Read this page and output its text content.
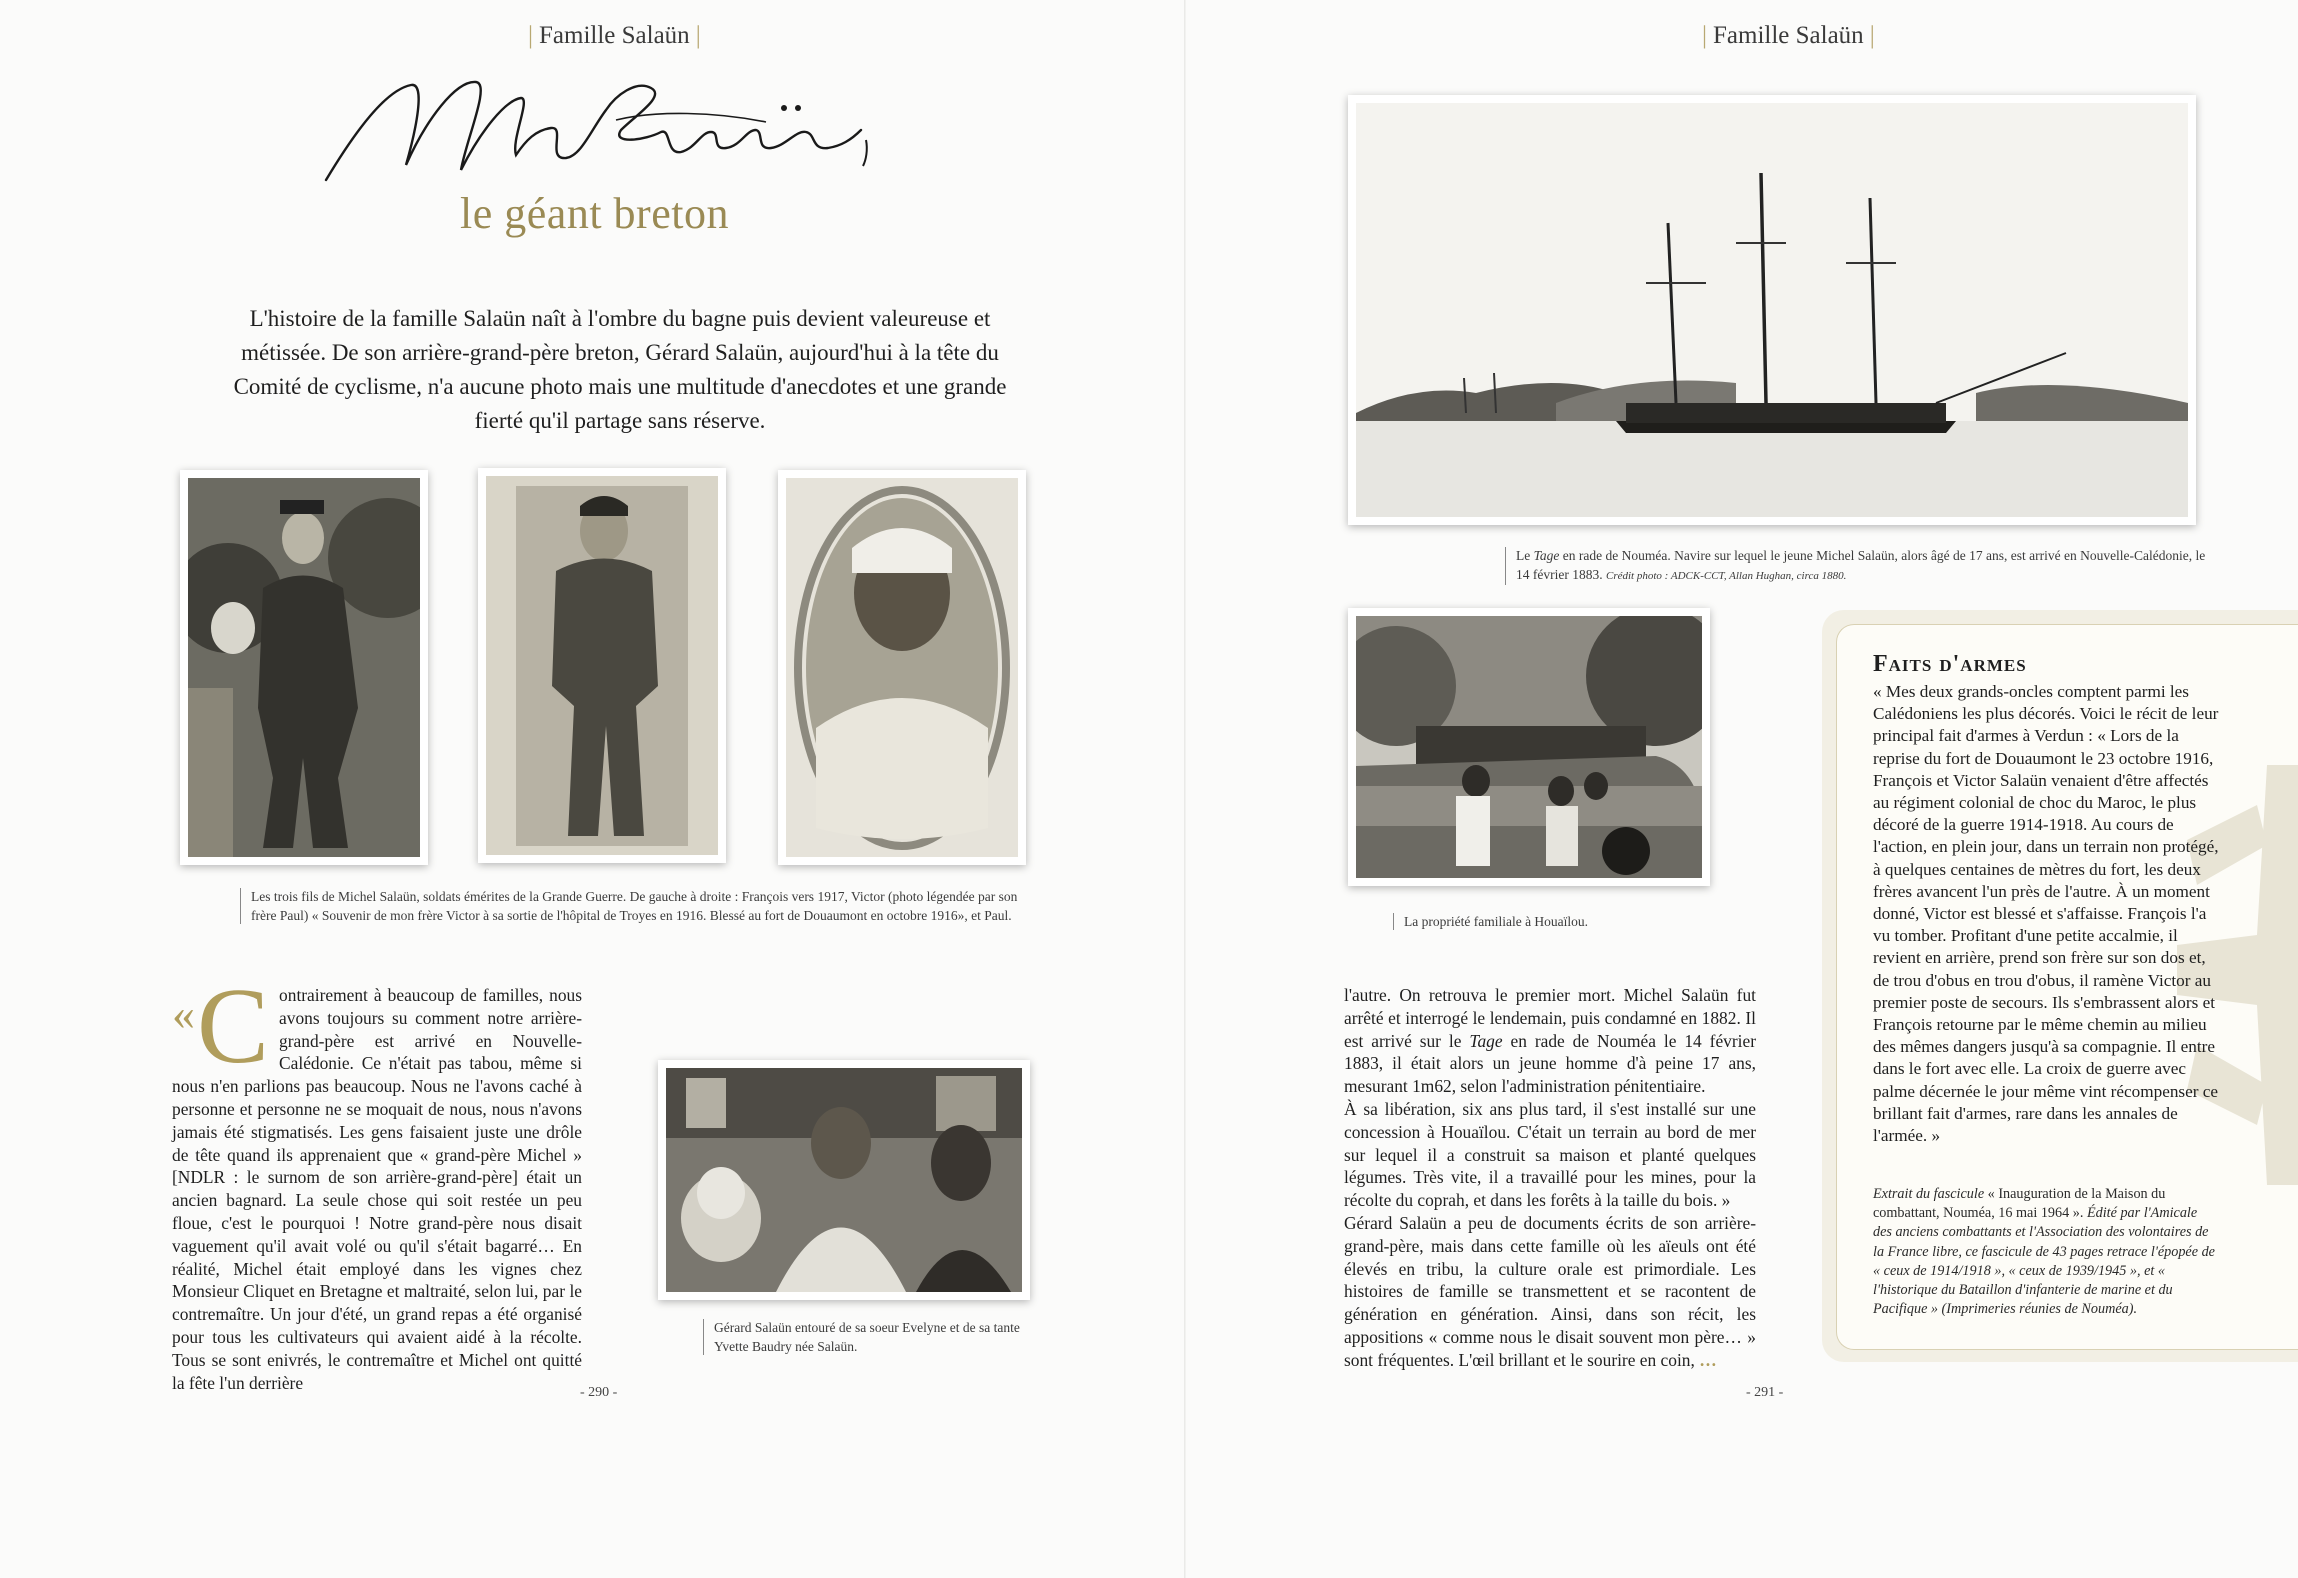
| Famille Salaün |
le géant breton
L'histoire de la famille Salaün naît à l'ombre du bagne puis devient valeureuse et métissée. De son arrière-grand-père breton, Gérard Salaün, aujourd'hui à la tête du Comité de cyclisme, n'a aucune photo mais une multitude d'anecdotes et une grande fierté qu'il partage sans réserve.
Les trois fils de Michel Salaün, soldats émérites de la Grande Guerre. De gauche à droite : François vers 1917, Victor (photo légendée par son frère Paul) « Souvenir de mon frère Victor à sa sortie de l'hôpital de Troyes en 1916. Blessé au fort de Douaumont en octobre 1916», et Paul.
« C ontrairement à beaucoup de familles, nous avons toujours su comment notre arrière-grand-père est arrivé en Nouvelle-Calédonie. Ce n'était pas tabou, même si nous n'en parlions pas beaucoup. Nous ne l'avons caché à personne et personne ne se moquait de nous, nous n'avons jamais été stigmatisés. Les gens faisaient juste une drôle de tête quand ils apprenaient que « grand-père Michel » [NDLR : le surnom de son arrière-grand-père] était un ancien bagnard. La seule chose qui soit restée un peu floue, c'est le pourquoi ! Notre grand-père nous disait vaguement qu'il avait volé ou qu'il s'était bagarré… En réalité, Michel était employé dans les vignes chez Monsieur Cliquet en Bretagne et maltraité, selon lui, par le contremaître. Un jour d'été, un grand repas a été organisé pour tous les cultivateurs qui avaient aidé à la récolte. Tous se sont enivrés, le contremaître et Michel ont quitté la fête l'un derrière

Gérard Salaün entouré de sa soeur Evelyne et de sa tante Yvette Baudry née Salaün.
- 290 -
| Famille Salaün |
Le Tage en rade de Nouméa. Navire sur lequel le jeune Michel Salaün, alors âgé de 17 ans, est arrivé en Nouvelle-Calédonie, le 14 février 1883. Crédit photo : ADCK-CCT, Allan Hughan, circa 1880.
La propriété familiale à Houaïlou.

l'autre. On retrouva le premier mort. Michel Salaün fut arrêté et interrogé le lendemain, puis condamné en 1882. Il est arrivé sur le Tage en rade de Nouméa le 14 février 1883, il était alors un jeune homme d'à peine 17 ans, mesurant 1m62, selon l'administration pénitentiaire.

À sa libération, six ans plus tard, il s'est installé sur une concession à Houaïlou. C'était un terrain au bord de mer sur lequel il a construit sa maison et planté quelques légumes. Très vite, il a travaillé pour les mines, pour la récolte du coprah, et dans les forêts à la taille du bois. »

Gérard Salaün a peu de documents écrits de son arrière-grand-père, mais dans cette famille où les aïeuls ont été élevés en tribu, la culture orale est primordiale. Les histoires de famille se transmettent et se racontent de génération en génération. Ainsi, dans son récit, les appositions « comme nous le disait souvent mon père… » sont fréquentes. L'œil brillant et le sourire en coin, …

- 291 -
Faits d'armes
« Mes deux grands-oncles comptent parmi les Calédoniens les plus décorés. Voici le récit de leur principal fait d'armes à Verdun : « Lors de la reprise du fort de Douaumont le 23 octobre 1916, François et Victor Salaün venaient d'être affectés au régiment colonial de choc du Maroc, le plus décoré de la guerre 1914-1918. Au cours de l'action, en plein jour, dans un terrain non protégé, à quelques centaines de mètres du fort, les deux frères avancent l'un près de l'autre. À un moment donné, Victor est blessé et s'affaisse. François l'a vu tomber. Profitant d'une petite accalmie, il revient en arrière, prend son frère sur son dos et, de trou d'obus en trou d'obus, il ramène Victor au premier poste de secours. Ils s'embrassent alors et François retourne par le même chemin au milieu des mêmes dangers jusqu'à sa compagnie. Il entre dans le fort avec elle. La croix de guerre avec palme décernée le jour même vint récompenser ce brillant fait d'armes, rare dans les annales de l'armée. »
Extrait du fascicule « Inauguration de la Maison du combattant, Nouméa, 16 mai 1964 ». Édité par l'Amicale des anciens combattants et l'Association des volontaires de la France libre, ce fascicule de 43 pages retrace l'épopée de « ceux de 1914/1918 », « ceux de 1939/1945 », et « l'historique du Bataillon d'infanterie de marine et du Pacifique » (Imprimeries réunies de Nouméa).
